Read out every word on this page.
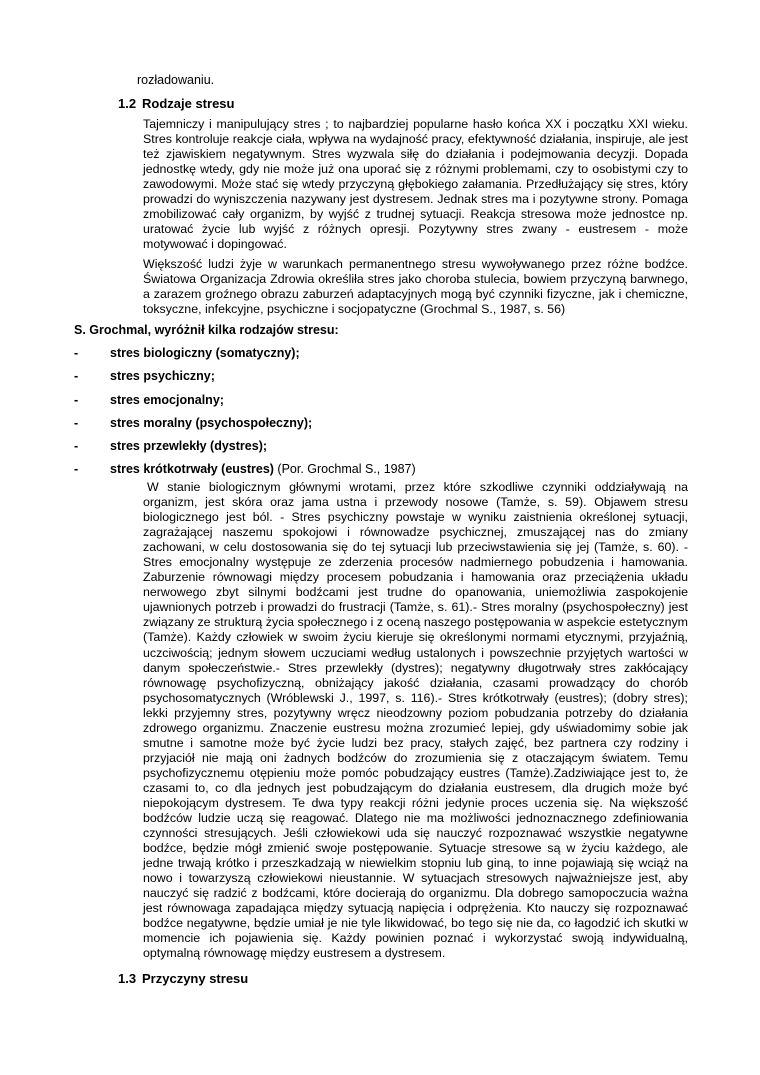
rozładowaniu.
1.2 Rodzaje stresu

Tajemniczy i manipulujący stres ; to najbardziej popularne hasło końca XX i początku XXI wieku. Stres kontroluje reakcje ciała, wpływa na wydajność pracy, efektywność działania, inspiruje, ale jest też zjawiskiem negatywnym. Stres wyzwala siłę do działania i podejmowania decyzji. Dopada jednostkę wtedy, gdy nie może już ona uporać się z różnymi problemami, czy to osobistymi czy to zawodowymi. Może stać się wtedy przyczyną głębokiego załamania. Przedłużający się stres, który prowadzi do wyniszczenia nazywany jest dystresem. Jednak stres ma i pozytywne strony. Pomaga zmobilizować cały organizm, by wyjść z trudnej sytuacji. Reakcja stresowa może jednostce np. uratować życie lub wyjść z różnych opresji. Pozytywny stres zwany - eustresem - może motywować i dopingować.

Większość ludzi żyje w warunkach permanentnego stresu wywoływanego przez różne bodźce. Światowa Organizacja Zdrowia określiła stres jako choroba stulecia, bowiem przyczyną barwnego, a zarazem groźnego obrazu zaburzeń adaptacyjnych mogą być czynniki fizyczne, jak i chemiczne, toksyczne, infekcyjne, psychiczne i socjopatyczne (Grochmal S., 1987, s. 56)

S. Grochmal, wyróżnił kilka rodzajów stresu:
-	stres biologiczny (somatyczny);
-	stres psychiczny;
-	stres emocjonalny;
-	stres moralny (psychospołeczny);
-	stres przewlekły (dystres);
-	stres krótkotrwały (eustres) (Por. Grochmal S., 1987)

W stanie biologicznym głównymi wrotami, przez które szkodliwe czynniki oddziaływają na organizm, jest skóra oraz jama ustna i przewody nosowe (Tamże, s. 59). Objawem stresu biologicznego jest ból. - Stres psychiczny powstaje w wyniku zaistnienia określonej sytuacji, zagrażającej naszemu spokojowi i równowadze psychicznej, zmuszającej nas do zmiany zachowani, w celu dostosowania się do tej sytuacji lub przeciwstawienia się jej (Tamże, s. 60). - Stres emocjonalny występuje ze zderzenia procesów nadmiernego pobudzenia i hamowania. Zaburzenie równowagi między procesem pobudzania i hamowania oraz przeciążenia układu nerwowego zbyt silnymi bodźcami jest trudne do opanowania, uniemożliwia zaspokojenie ujawnionych potrzeb i prowadzi do frustracji (Tamże, s. 61).- Stres moralny (psychospołeczny) jest związany ze strukturą życia społecznego i z oceną naszego postępowania w aspekcie estetycznym (Tamże). Każdy człowiek w swoim życiu kieruje się określonymi normami etycznymi, przyjaźnią, uczciwością; jednym słowem uczuciami według ustalonych i powszechnie przyjętych wartości w danym społeczeństwie.- Stres przewlekły (dystres); negatywny długotrwały stres zakłócający równowagę psychofizyczną, obniżający jakość działania, czasami prowadzący do chorób psychosomatycznych (Wróblewski J., 1997, s. 116).- Stres krótkotrwały (eustres); (dobry stres); lekki przyjemny stres, pozytywny wręcz nieodzowny poziom pobudzania potrzeby do działania zdrowego organizmu. Znaczenie eustresu można zrozumieć lepiej, gdy uświadomimy sobie jak smutne i samotne może być życie ludzi bez pracy, stałych zajęć, bez partnera czy rodziny i przyjaciół nie mają oni żadnych bodźców do zrozumienia się z otaczającym światem. Temu psychofizycznemu otępieniu może pomóc pobudzający eustres (Tamże).Zadziwiające jest to, że czasami to, co dla jednych jest pobudzającym do działania eustresem, dla drugich może być niepokojącym dystresem. Te dwa typy reakcji różni jedynie proces uczenia się. Na większość bodźców ludzie uczą się reagować. Dlatego nie ma możliwości jednoznacznego zdefiniowania czynności stresujących. Jeśli człowiekowi uda się nauczyć rozpoznawać wszystkie negatywne bodźce, będzie mógł zmienić swoje postępowanie. Sytuacje stresowe są w życiu każdego, ale jedne trwają krótko i przeszkadzają w niewielkim stopniu lub giną, to inne pojawiają się wciąż na nowo i towarzyszą człowiekowi nieustannie. W sytuacjach stresowych najważniejsze jest, aby nauczyć się radzić z bodźcami, które docierają do organizmu. Dla dobrego samopoczucia ważna jest równowaga zapadająca między sytuacją napięcia i odprężenia. Kto nauczy się rozpoznawać bodźce negatywne, będzie umiał je nie tyle likwidować, bo tego się nie da, co łagodzić ich skutki w momencie ich pojawienia się. Każdy powinien poznać i wykorzystać swoją indywidualną, optymalną równowagę między eustresem a dystresem.

1.3 Przyczyny stresu
